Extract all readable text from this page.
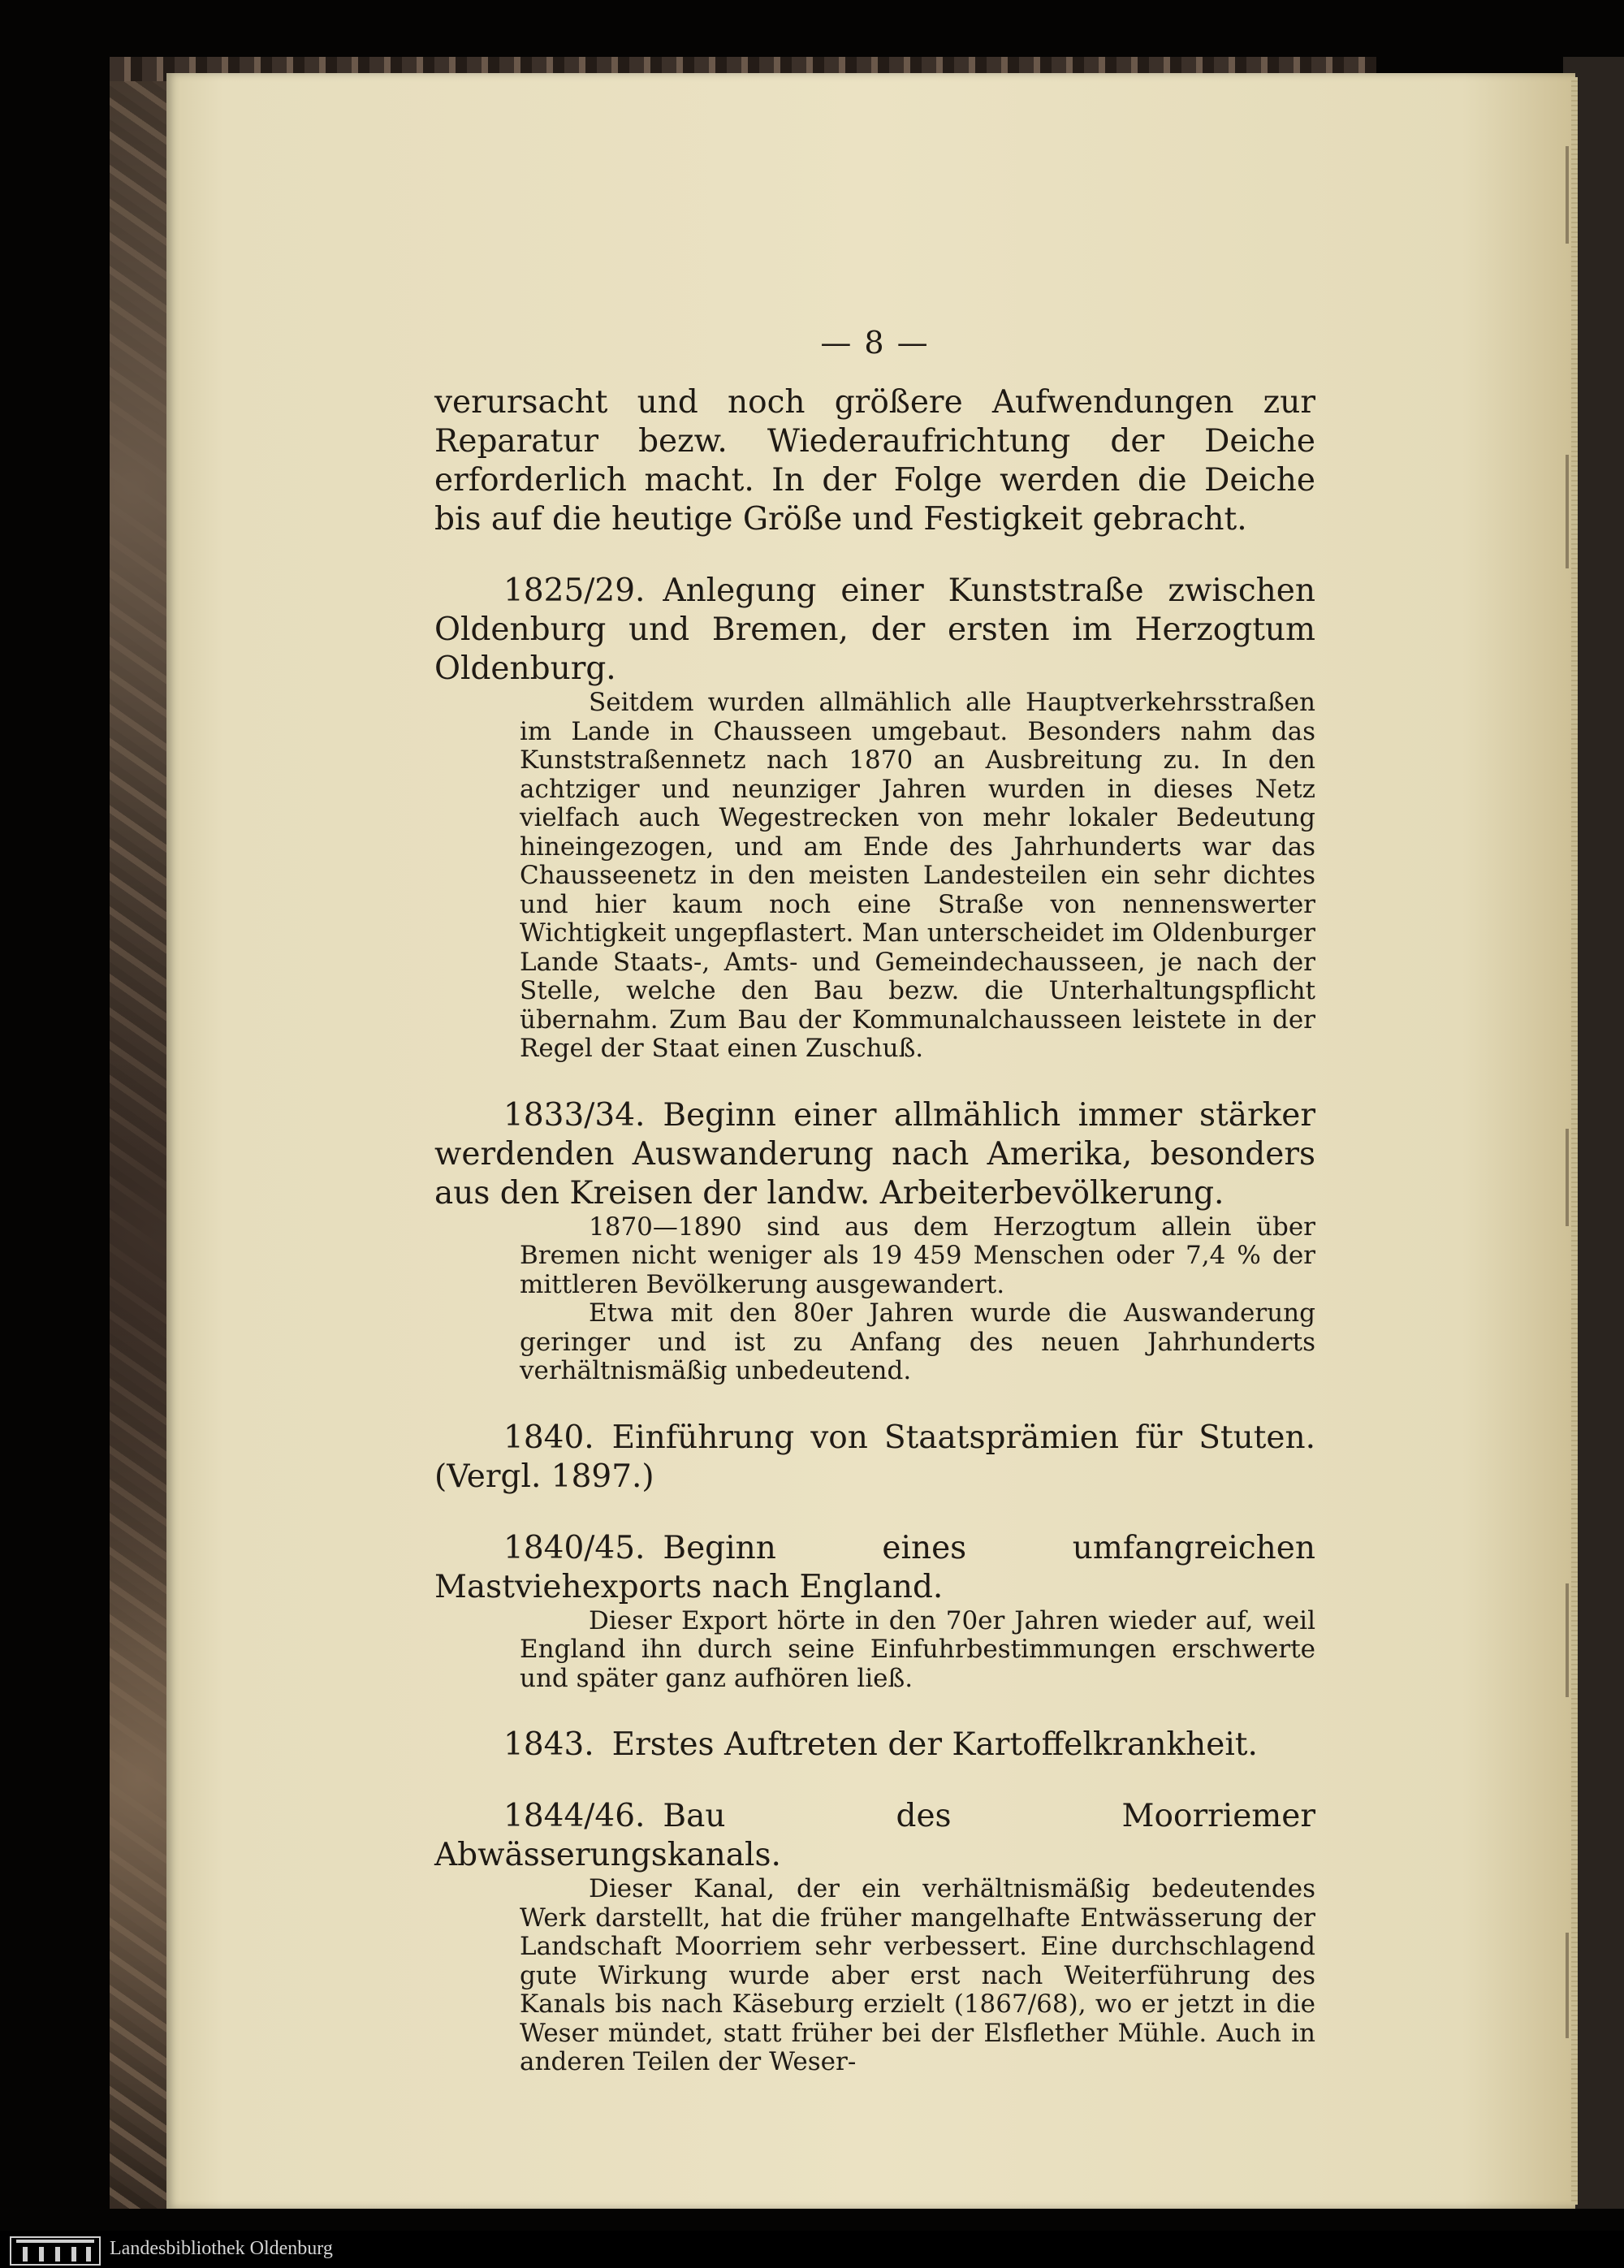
— 8 —

verursacht und noch größere Aufwendungen zur Reparatur bezw. Wiederaufrichtung der Deiche erforderlich macht. In der Folge werden die Deiche bis auf die heutige Größe und Festigkeit gebracht.

1825/29. Anlegung einer Kunststraße zwischen Oldenburg und Bremen, der ersten im Herzogtum Oldenburg.

Seitdem wurden allmählich alle Hauptverkehrsstraßen im Lande in Chausseen umgebaut. Besonders nahm das Kunststraßennetz nach 1870 an Ausbreitung zu. In den achtziger und neunziger Jahren wurden in dieses Netz vielfach auch Wegestrecken von mehr lokaler Bedeutung hineingezogen, und am Ende des Jahrhunderts war das Chausseenetz in den meisten Landesteilen ein sehr dichtes und hier kaum noch eine Straße von nennenswerter Wichtigkeit ungepflastert. Man unterscheidet im Oldenburger Lande Staats-, Amts- und Gemeindechausseen, je nach der Stelle, welche den Bau bezw. die Unterhaltungspflicht übernahm. Zum Bau der Kommunalchausseen leistete in der Regel der Staat einen Zuschuß.

1833/34. Beginn einer allmählich immer stärker werdenden Auswanderung nach Amerika, besonders aus den Kreisen der landw. Arbeiterbevölkerung.

1870—1890 sind aus dem Herzogtum allein über Bremen nicht weniger als 19 459 Menschen oder 7,4 % der mittleren Bevölkerung ausgewandert.

Etwa mit den 80er Jahren wurde die Auswanderung geringer und ist zu Anfang des neuen Jahrhunderts verhältnismäßig unbedeutend.

1840. Einführung von Staatsprämien für Stuten. (Vergl. 1897.)

1840/45. Beginn eines umfangreichen Mastviehexports nach England.

Dieser Export hörte in den 70er Jahren wieder auf, weil England ihn durch seine Einfuhrbestimmungen erschwerte und später ganz aufhören ließ.

1843. Erstes Auftreten der Kartoffelkrankheit.

1844/46. Bau des Moorriemer Abwässerungskanals.

Dieser Kanal, der ein verhältnismäßig bedeutendes Werk darstellt, hat die früher mangelhafte Entwässerung der Landschaft Moorriem sehr verbessert. Eine durchschlagend gute Wirkung wurde aber erst nach Weiterführung des Kanals bis nach Käseburg erzielt (1867/68), wo er jetzt in die Weser mündet, statt früher bei der Elsflether Mühle. Auch in anderen Teilen der Weser-

Landesbibliothek Oldenburg
